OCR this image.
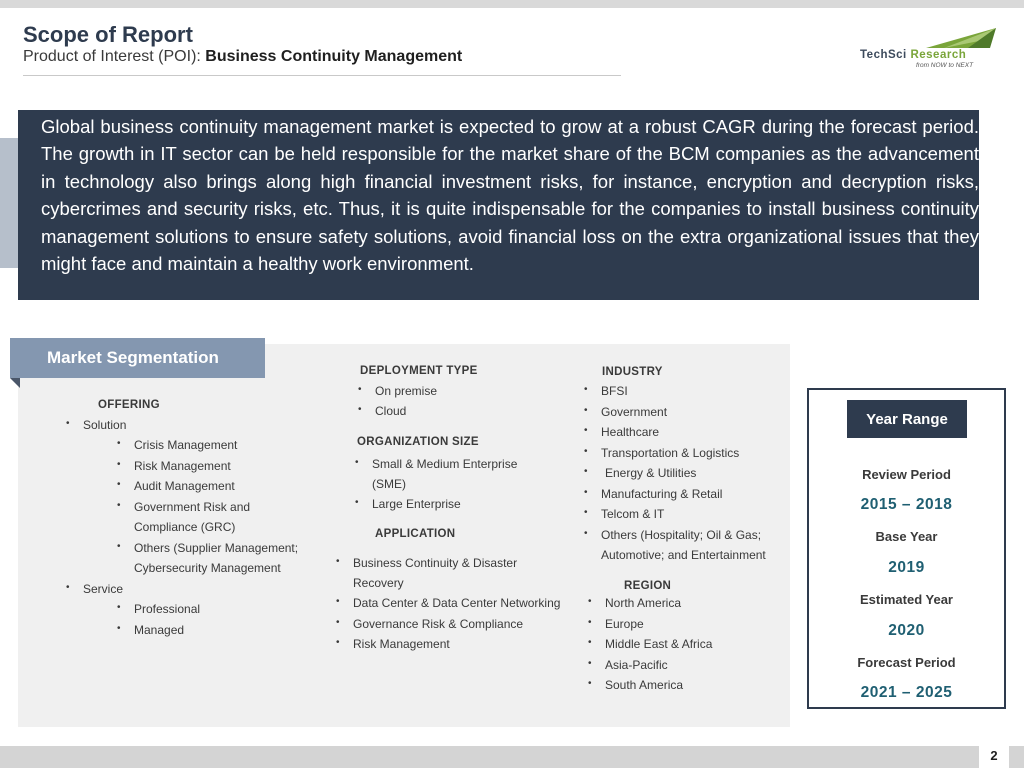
Scope of Report
Product of Interest (POI): Business Continuity Management	TechSci Research
from NOW to NEXT

Global business continuity management market is expected to grow at a robust CAGR during the forecast period. The growth in IT sector can be held responsible for the market share of the BCM companies as the advancement in technology also brings along high financial investment risks, for instance, encryption and decryption risks, cybercrimes and security risks, etc. Thus, it is quite indispensable for the companies to install business continuity management solutions to ensure safety solutions, avoid financial loss on the extra organizational issues that they might face and maintain a healthy work environment.

Market Segmentation
OFFERING
• Solution
• Crisis Management
• Risk Management
• Audit Management
• Government Risk and
Compliance (GRC)
• Others (Supplier Management;
Cybersecurity Management
• Service
• Professional
• Managed
DEPLOYMENT TYPE
• On premise
• Cloud
ORGANIZATION SIZE
• Small & Medium Enterprise
(SME)
• Large Enterprise
APPLICATION
• Business Continuity & Disaster
Recovery
• Data Center & Data Center Networking
• Governance Risk & Compliance
• Risk Management
INDUSTRY
• BFSI
• Government
• Healthcare
• Transportation & Logistics
• Energy & Utilities
• Manufacturing & Retail
• Telcom & IT
• Others (Hospitality; Oil & Gas;
Automotive; and Entertainment
REGION
• North America
• Europe
• Middle East & Africa
• Asia-Pacific
• South America
Year Range
Review Period
2015 – 2018
Base Year
2019
Estimated Year
2020
Forecast Period
2021 – 2025
2
